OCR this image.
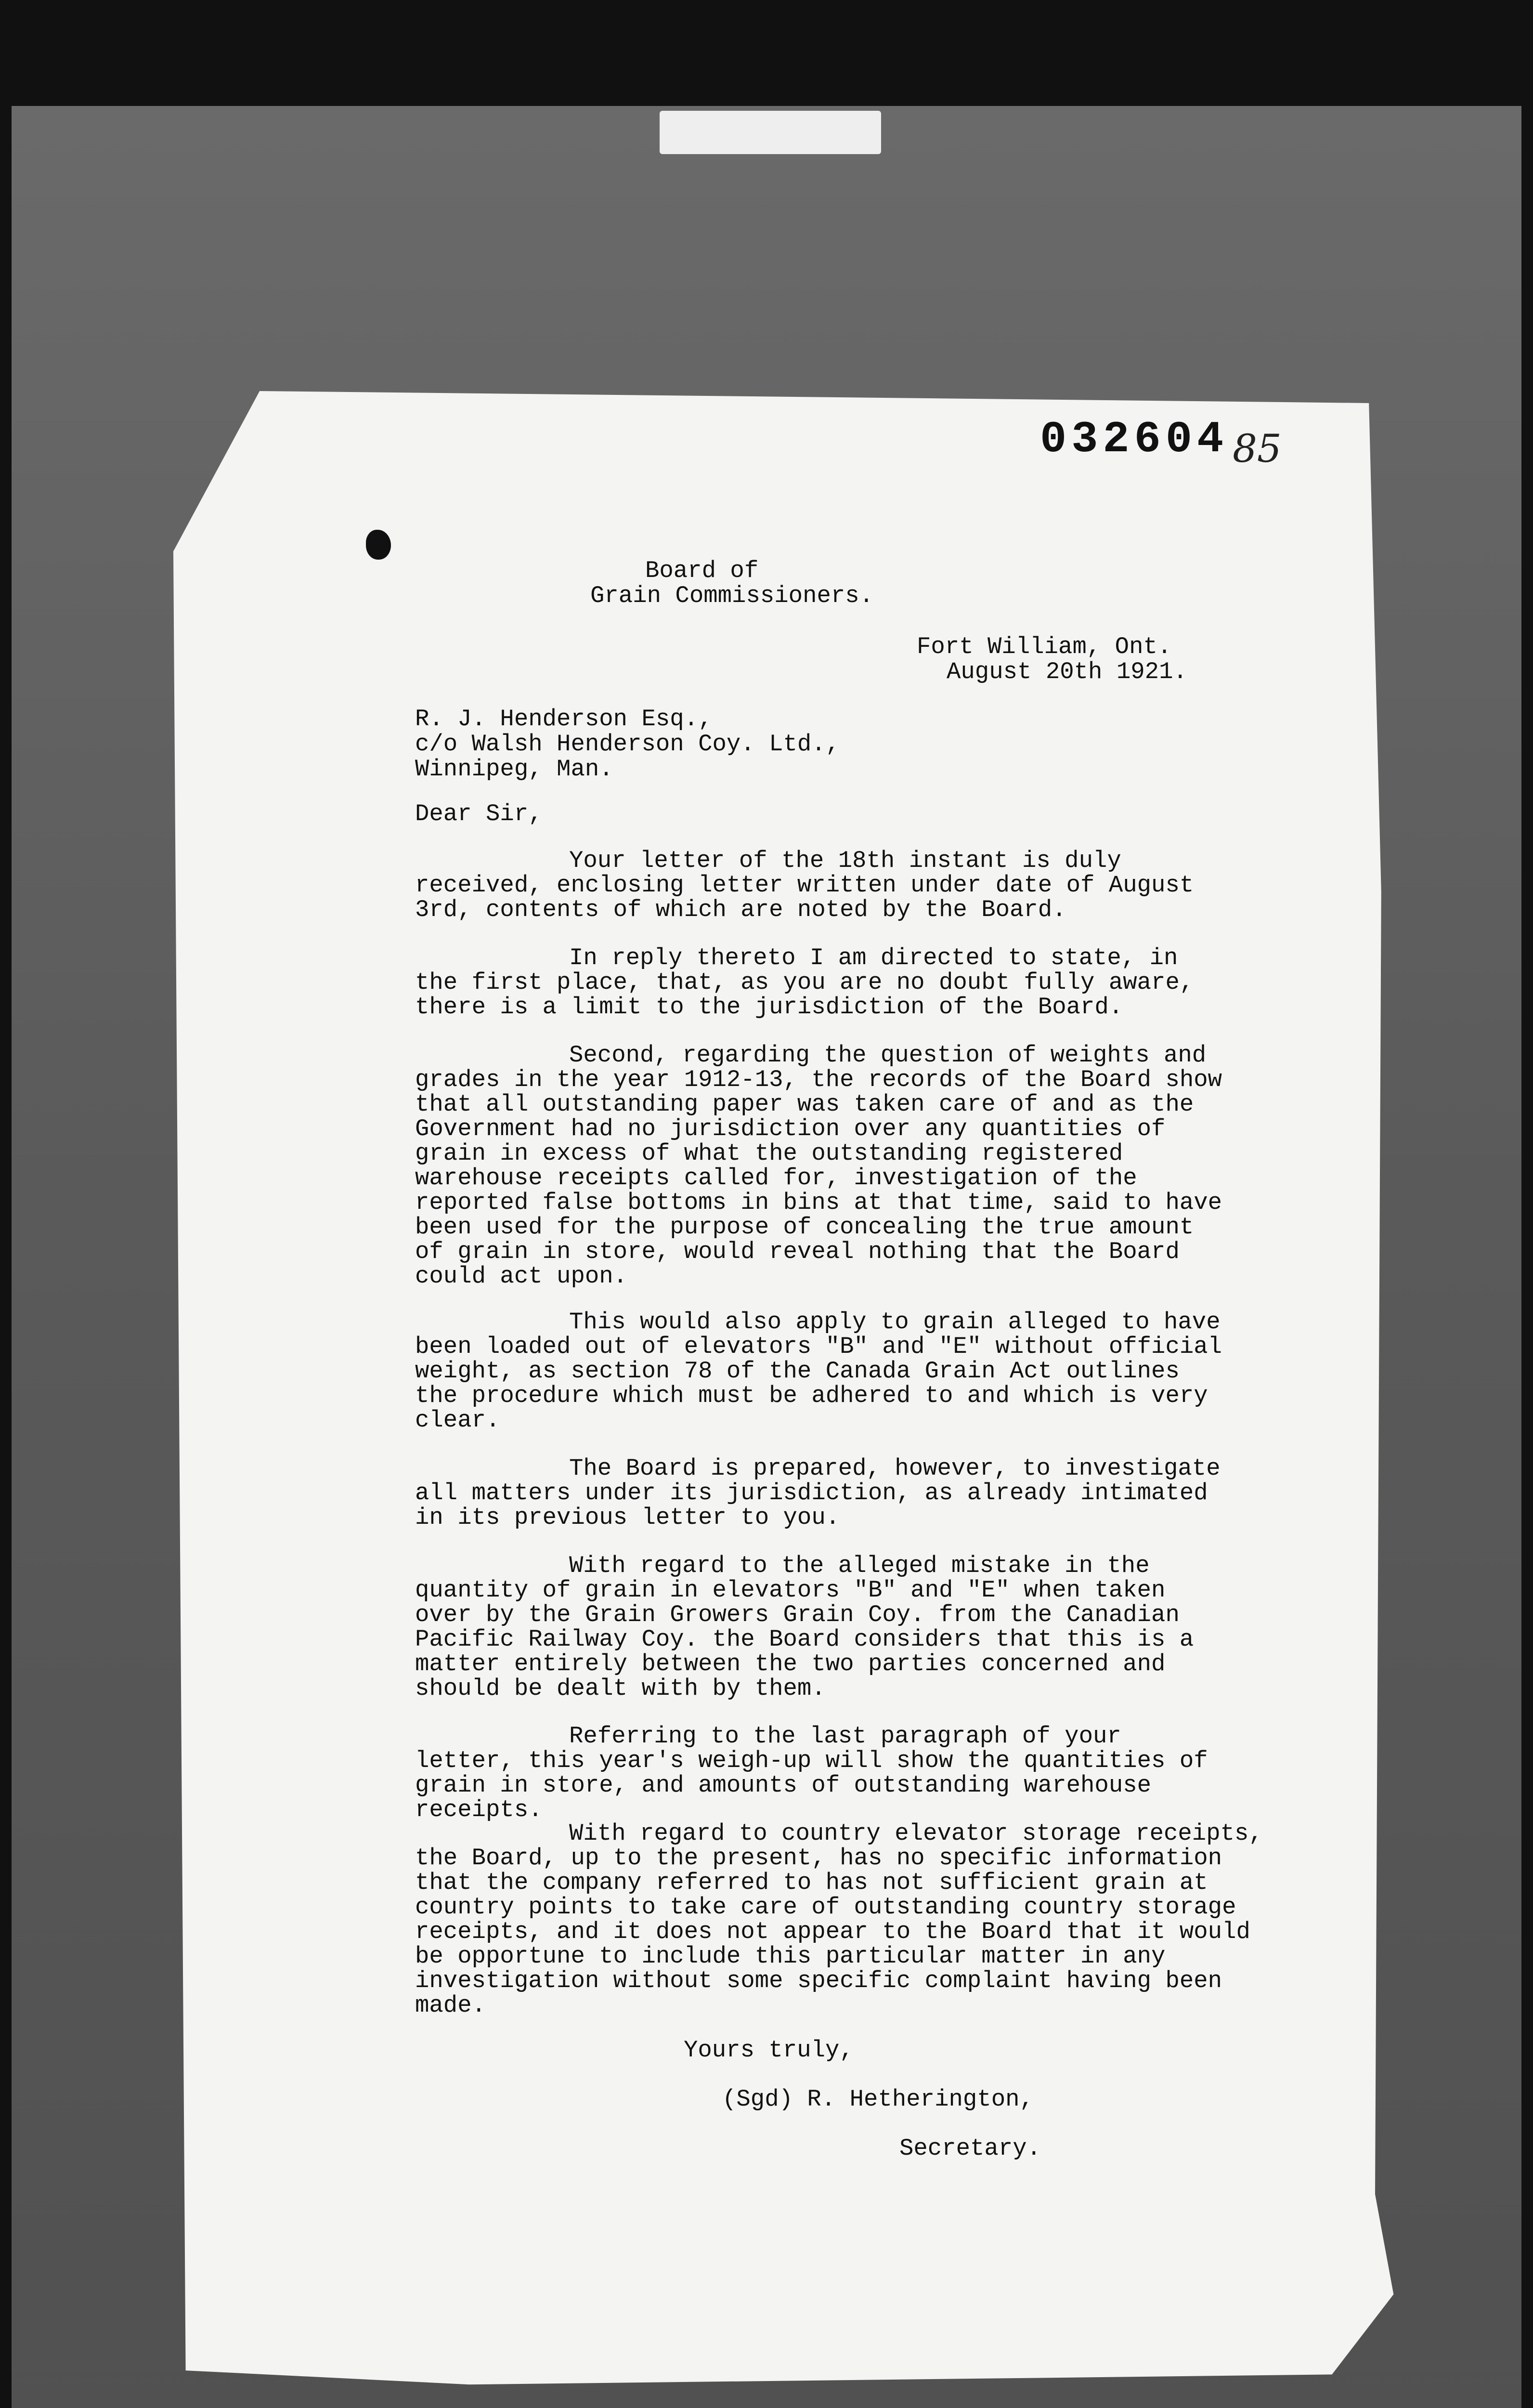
032604 85
Board of
Grain Commissioners.
Fort William, Ont.
August 20th 1921.
R. J. Henderson Esq.,
c/o Walsh Henderson Coy. Ltd.,
Winnipeg, Man.
Dear Sir,
Your letter of the 18th instant is duly received, enclosing letter written under date of August 3rd, contents of which are noted by the Board.
In reply thereto I am directed to state, in the first place, that, as you are no doubt fully aware, there is a limit to the jurisdiction of the Board.
Second, regarding the question of weights and grades in the year 1912-13, the records of the Board show that all outstanding paper was taken care of and as the Government had no jurisdiction over any quantities of grain in excess of what the outstanding registered warehouse receipts called for, investigation of the reported false bottoms in bins at that time, said to have been used for the purpose of concealing the true amount of grain in store, would reveal nothing that the Board could act upon.
This would also apply to grain alleged to have been loaded out of elevators "B" and "E" without official weight, as section 78 of the Canada Grain Act outlines the procedure which must be adhered to and which is very clear.
The Board is prepared, however, to investigate all matters under its jurisdiction, as already intimated in its previous letter to you.
With regard to the alleged mistake in the quantity of grain in elevators "B" and "E" when taken over by the Grain Growers Grain Coy. from the Canadian Pacific Railway Coy. the Board considers that this is a matter entirely between the two parties concerned and should be dealt with by them.
Referring to the last paragraph of your letter, this year's weigh-up will show the quantities of grain in store, and amounts of outstanding warehouse receipts.
With regard to country elevator storage receipts, the Board, up to the present, has no specific information that the company referred to has not sufficient grain at country points to take care of outstanding country storage receipts, and it does not appear to the Board that it would be opportune to include this particular matter in any investigation without some specific complaint having been made.
Yours truly,
(Sgd) R. Hetherington,
Secretary.
